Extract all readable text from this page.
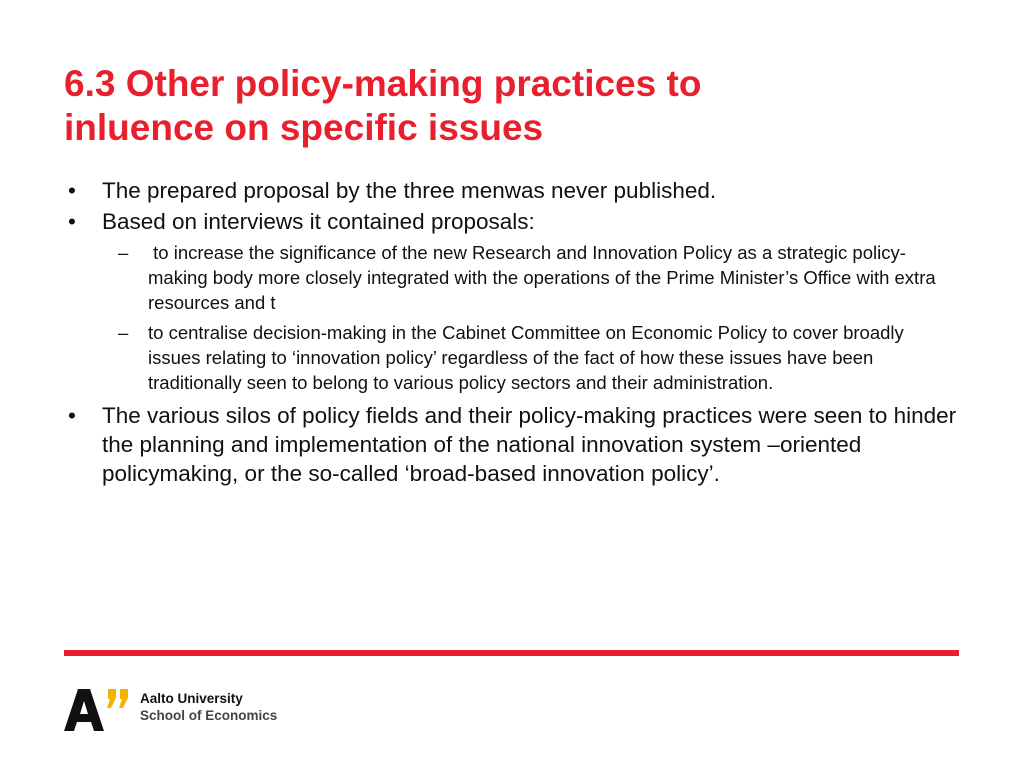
6.3 Other policy-making practices to
inluence on specific issues
• The prepared proposal by the three menwas never published.
• Based on interviews it contained proposals:
– to increase the significance of the new Research and Innovation Policy as a strategic policy-making body more closely integrated with the operations of the Prime Minister’s Office with extra resources and t
– to centralise decision-making in the Cabinet Committee on Economic Policy to cover broadly issues relating to ‘innovation policy’ regardless of the fact of how these issues have been traditionally seen to belong to various policy sectors and their administration.
• The various silos of policy fields and their policy-making practices were seen to hinder the planning and implementation of the national innovation system –oriented policymaking, or the so-called ‘broad-based innovation policy’.
Aalto University
School of Economics
